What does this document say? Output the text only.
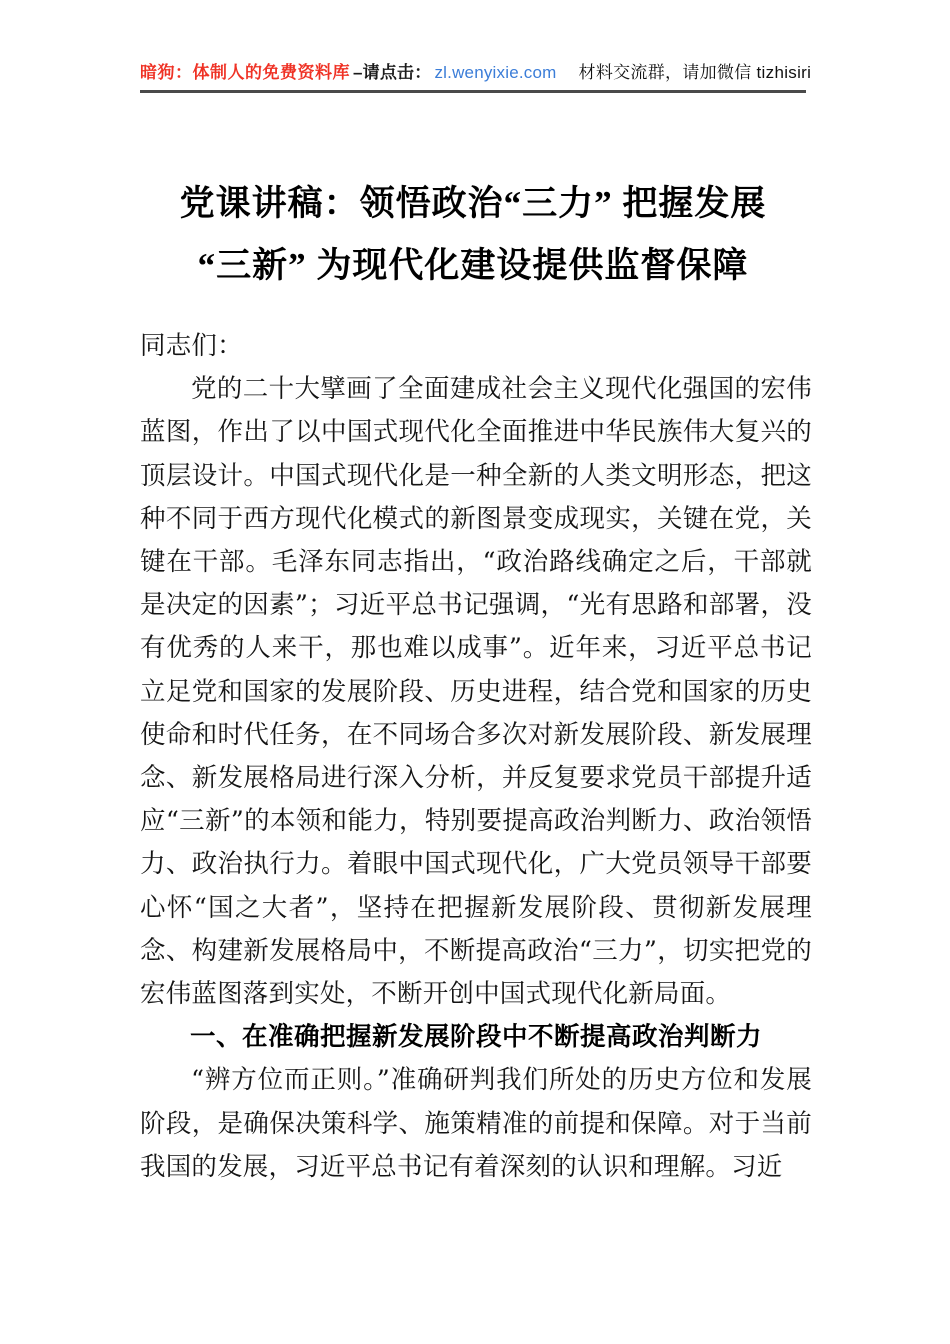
暗狗：体制人的免费资料库 –请点击： zl.wenyixie.com 材料交流群，请加微信 tizhisiri
党课讲稿：领悟政治“三力” 把握发展
“三新” 为现代化建设提供监督保障

同志们：

党的二十大擘画了全面建成社会主义现代化强国的宏伟蓝图，作出了以中国式现代化全面推进中华民族伟大复兴的顶层设计。中国式现代化是一种全新的人类文明形态，把这种不同于西方现代化模式的新图景变成现实，关键在党，关键在干部。毛泽东同志指出，“政治路线确定之后，干部就是决定的因素”；习近平总书记强调，“光有思路和部署，没有优秀的人来干，那也难以成事”。近年来，习近平总书记立足党和国家的发展阶段、历史进程，结合党和国家的历史使命和时代任务，在不同场合多次对新发展阶段、新发展理念、新发展格局进行深入分析，并反复要求党员干部提升适应“三新”的本领和能力，特别要提高政治判断力、政治领悟力、政治执行力。着眼中国式现代化，广大党员领导干部要心怀“国之大者”，坚持在把握新发展阶段、贯彻新发展理念、构建新发展格局中，不断提高政治“三力”，切实把党的宏伟蓝图落到实处，不断开创中国式现代化新局面。

一、在准确把握新发展阶段中不断提高政治判断力

“辨方位而正则。”准确研判我们所处的历史方位和发展阶段，是确保决策科学、施策精准的前提和保障。对于当前我国的发展，习近平总书记有着深刻的认识和理解。习近
